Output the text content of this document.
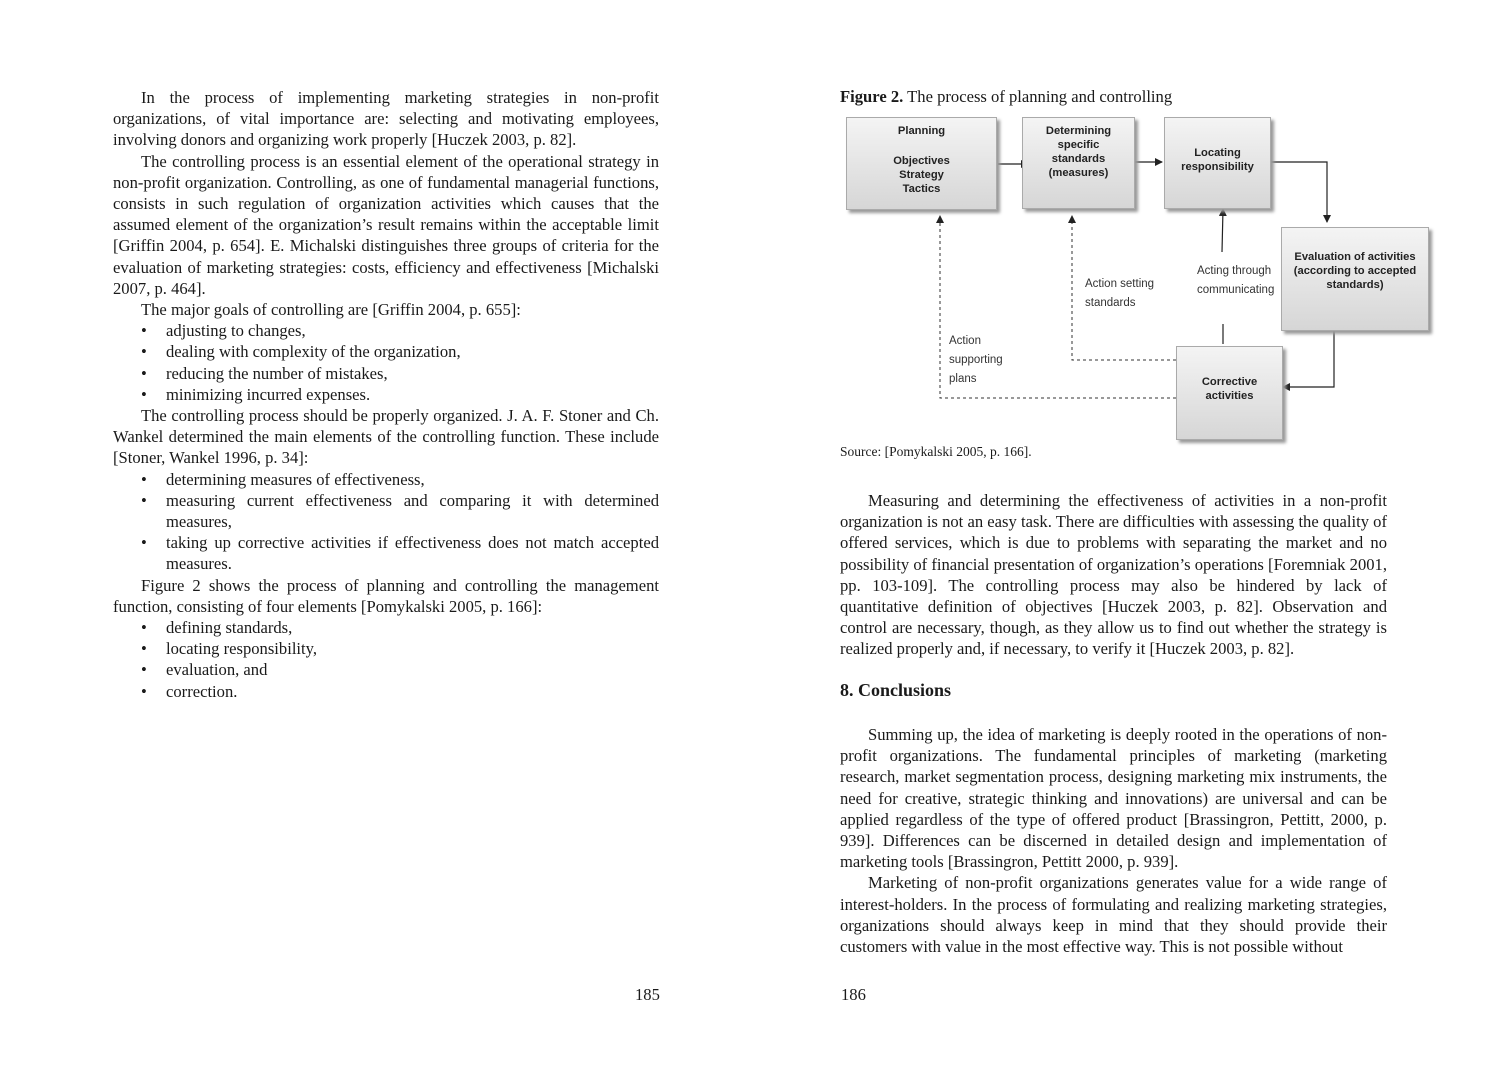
In the process of implementing marketing strategies in non-profit organizations, of vital importance are: selecting and motivating employees, involving donors and organizing work properly [Huczek 2003, p. 82].

The controlling process is an essential element of the operational strategy in non-profit organization. Controlling, as one of fundamental managerial functions, consists in such regulation of organization activities which causes that the assumed element of the organization’s result remains within the acceptable limit [Griffin 2004, p. 654]. E. Michalski distinguishes three groups of criteria for the evaluation of marketing strategies: costs, efficiency and effectiveness [Michalski 2007, p. 464].

The major goals of controlling are [Griffin 2004, p. 655]:

• adjusting to changes,
• dealing with complexity of the organization,
• reducing the number of mistakes,
• minimizing incurred expenses.

The controlling process should be properly organized. J. A. F. Stoner and Ch. Wankel determined the main elements of the controlling function. These include [Stoner, Wankel 1996, p. 34]:

• determining measures of effectiveness,
• measuring current effectiveness and comparing it with determined measures,
• taking up corrective activities if effectiveness does not match accepted measures.

Figure 2 shows the process of planning and controlling the management function, consisting of four elements [Pomykalski 2005, p. 166]:

• defining standards,
• locating responsibility,
• evaluation, and
• correction.
185
Figure 2. The process of planning and controlling
Planning
Objectives
Strategy
Tactics
Determining
specific
standards
(measures)
Locating
responsibility
Evaluation of activities
(according to accepted
standards)
Corrective
activities
Action setting
standards
Acting through
communicating
Action
supporting
plans
Source: [Pomykalski 2005, p. 166].

Measuring and determining the effectiveness of activities in a non-profit organization is not an easy task. There are difficulties with assessing the quality of offered services, which is due to problems with separating the market and no possibility of financial presentation of organization’s operations [Foremniak 2001, pp. 103-109]. The controlling process may also be hindered by lack of quantitative definition of objectives [Huczek 2003, p. 82]. Observation and control are necessary, though, as they allow us to find out whether the strategy is realized properly and, if necessary, to verify it [Huczek 2003, p. 82].

8. Conclusions

Summing up, the idea of marketing is deeply rooted in the operations of non-profit organizations. The fundamental principles of marketing (marketing research, market segmentation process, designing marketing mix instruments, the need for creative, strategic thinking and innovations) are universal and can be applied regardless of the type of offered product [Brassingron, Pettitt, 2000, p. 939]. Differences can be discerned in detailed design and implementation of marketing tools [Brassingron, Pettitt 2000, p. 939].

Marketing of non-profit organizations generates value for a wide range of interest-holders. In the process of formulating and realizing marketing strategies, organizations should always keep in mind that they should provide their customers with value in the most effective way. This is not possible without

186
